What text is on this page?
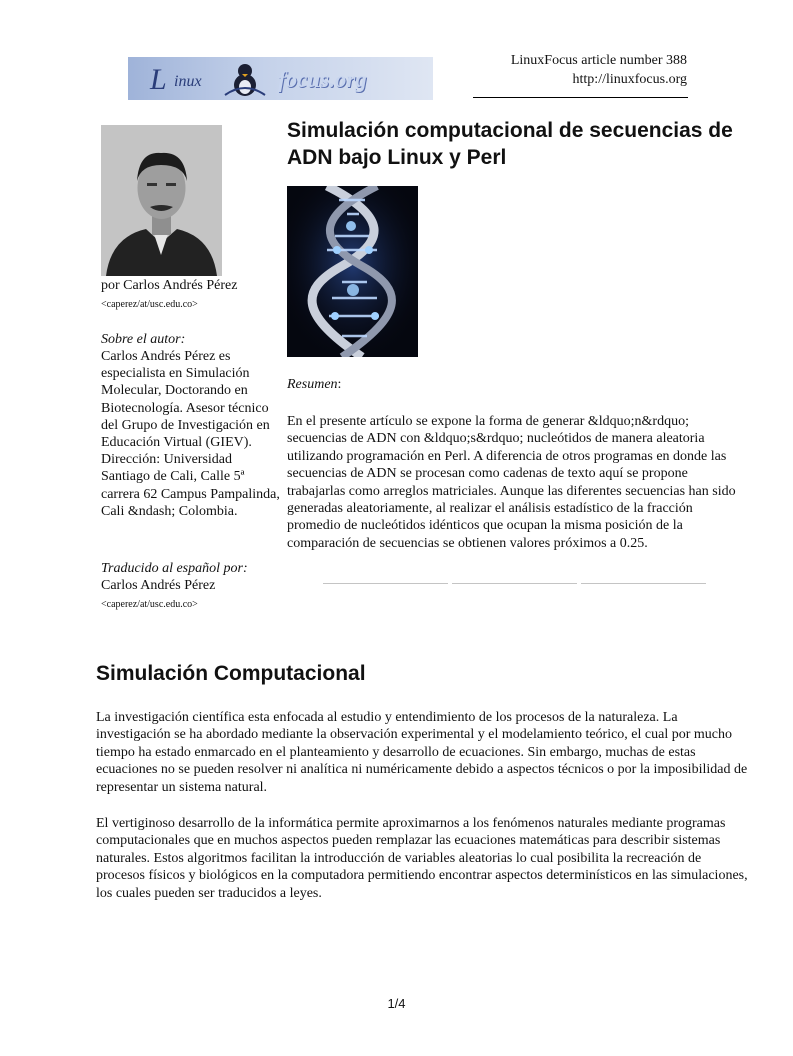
L inux	focus.org
LinuxFocus article number 388
http://linuxfocus.org
por Carlos Andrés Pérez
<caperez/at/usc.edu.co>
Sobre el autor:
Carlos Andrés Pérez es especialista en Simulación Molecular, Doctorando en Biotecnología. Asesor técnico del Grupo de Investigación en Educación Virtual (GIEV). Dirección: Universidad Santiago de Cali, Calle 5ª carrera 62 Campus Pampalinda, Cali &ndash; Colombia.
Traducido al español por:
Carlos Andrés Pérez
<caperez/at/usc.edu.co>
Simulación computacional de secuencias de ADN bajo Linux y Perl
Resumen:
En el presente artículo se expone la forma de generar &ldquo;n&rdquo; secuencias de ADN con &ldquo;s&rdquo; nucleótidos de manera aleatoria utilizando programación en Perl. A diferencia de otros programas en donde las secuencias de ADN se procesan como cadenas de texto aquí se propone trabajarlas como arreglos matriciales. Aunque las diferentes secuencias han sido generadas aleatoriamente, al realizar el análisis estadístico de la fracción promedio de nucleótidos idénticos que ocupan la misma posición de la comparación de secuencias se obtienen valores próximos a 0.25.
Simulación Computacional
La investigación científica esta enfocada al estudio y entendimiento de los procesos de la naturaleza. La investigación se ha abordado mediante la observación experimental y el modelamiento teórico, el cual por mucho tiempo ha estado enmarcado en el planteamiento y desarrollo de ecuaciones. Sin embargo, muchas de estas ecuaciones no se pueden resolver ni analítica ni numéricamente debido a aspectos técnicos o por la imposibilidad de representar un sistema natural.
El vertiginoso desarrollo de la informática permite aproximarnos a los fenómenos naturales mediante programas computacionales que en muchos aspectos pueden remplazar las ecuaciones matemáticas para describir sistemas naturales. Estos algoritmos facilitan la introducción de variables aleatorias lo cual posibilita la recreación de procesos físicos y biológicos en la computadora permitiendo encontrar aspectos determinísticos en las simulaciones, los cuales pueden ser traducidos a leyes.
1/4
